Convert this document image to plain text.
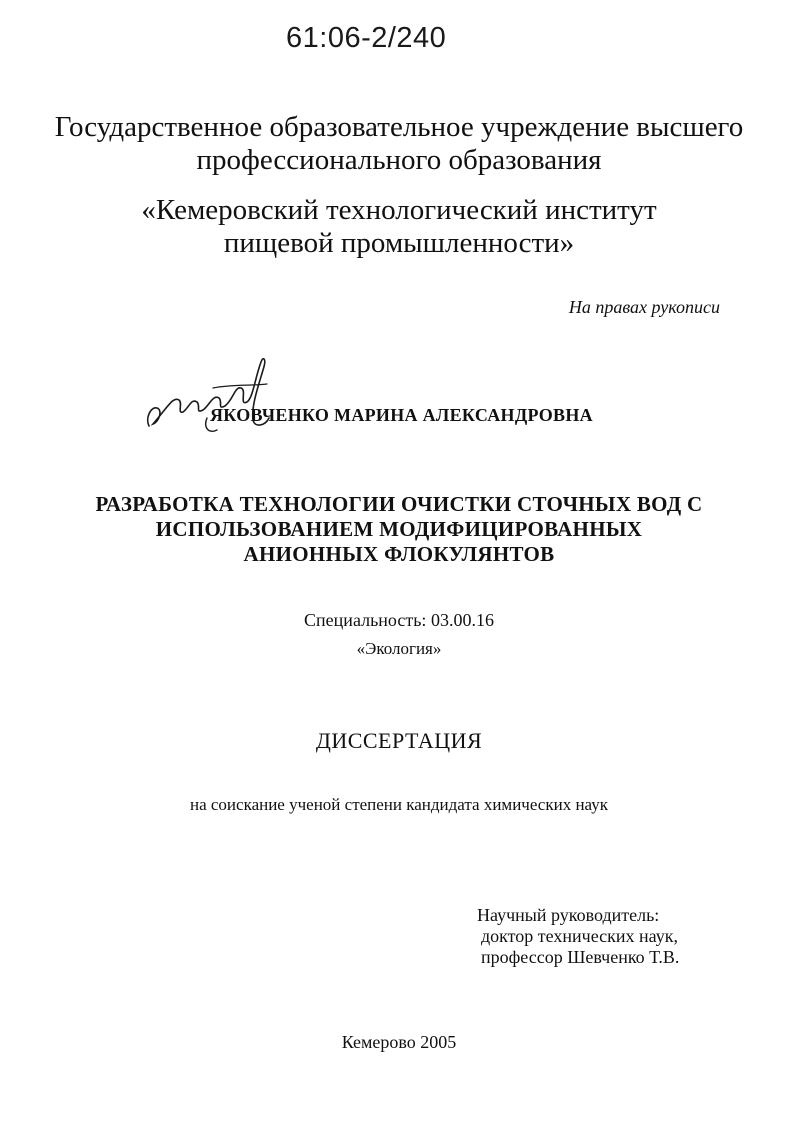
61:06-2/240
Государственное образовательное учреждение высшего
профессионального образования
«Кемеровский технологический институт
пищевой промышленности»
На правах рукописи
ЯКОВЧЕНКО МАРИНА АЛЕКСАНДРОВНА
РАЗРАБОТКА ТЕХНОЛОГИИ ОЧИСТКИ СТОЧНЫХ ВОД С
ИСПОЛЬЗОВАНИЕМ МОДИФИЦИРОВАННЫХ
АНИОННЫХ ФЛОКУЛЯНТОВ
Специальность: 03.00.16
«Экология»
ДИССЕРТАЦИЯ
на соискание ученой степени кандидата химических наук
Научный руководитель:
доктор технических наук,
профессор Шевченко Т.В.
Кемерово 2005
